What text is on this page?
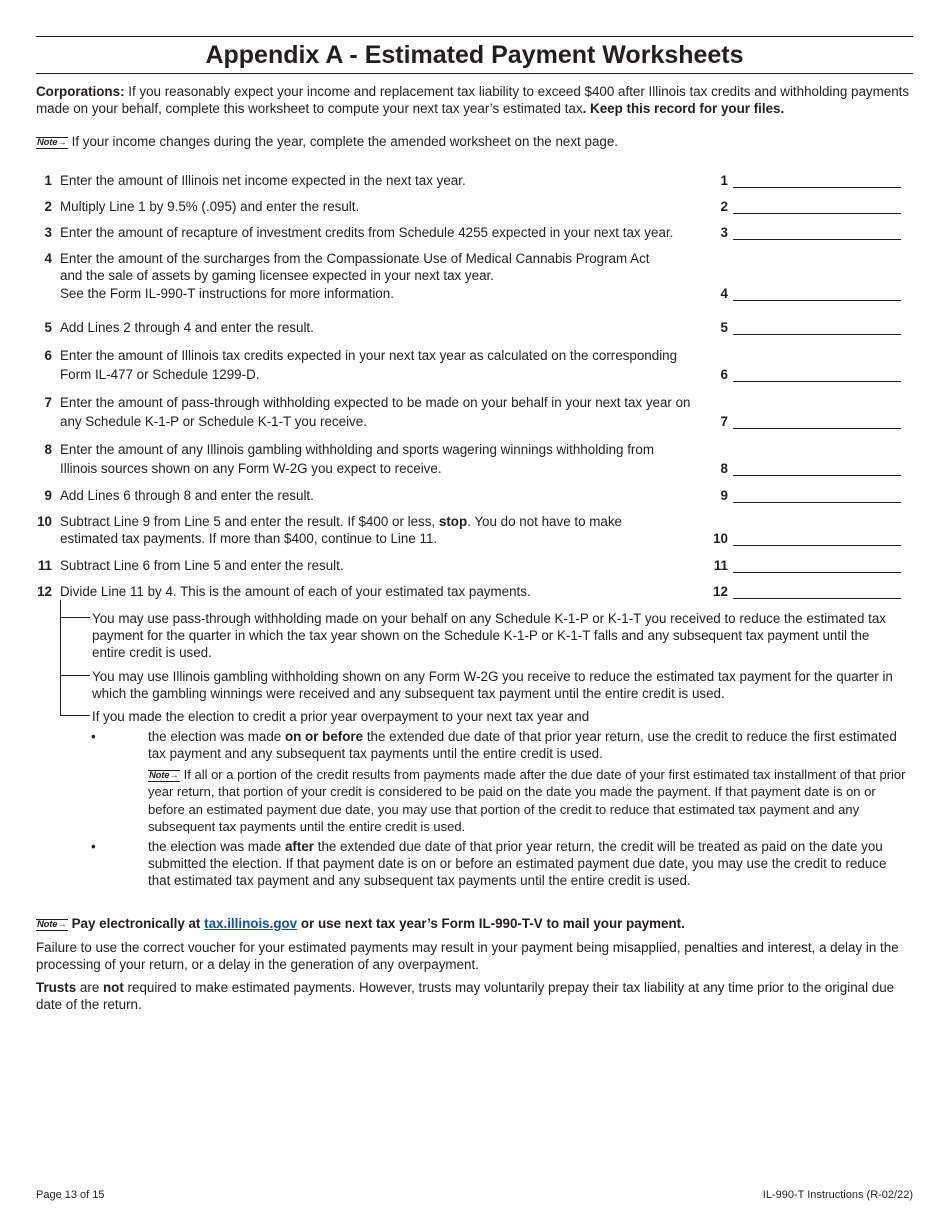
Appendix A - Estimated Payment Worksheets
Corporations: If you reasonably expect your income and replacement tax liability to exceed $400 after Illinois tax credits and withholding payments made on your behalf, complete this worksheet to compute your next tax year’s estimated tax. Keep this record for your files.
Note→ If your income changes during the year, complete the amended worksheet on the next page.
1 Enter the amount of Illinois net income expected in the next tax year.	1
2 Multiply Line 1 by 9.5% (.095) and enter the result.	2
3 Enter the amount of recapture of investment credits from Schedule 4255 expected in your next tax year.	3
4 Enter the amount of the surcharges from the Compassionate Use of Medical Cannabis Program Act
and the sale of assets by gaming licensee expected in your next tax year.
See the Form IL-990-T instructions for more information.	4
5 Add Lines 2 through 4 and enter the result.	5
6 Enter the amount of Illinois tax credits expected in your next tax year as calculated on the corresponding
Form IL-477 or Schedule 1299-D.	6
7 Enter the amount of pass-through withholding expected to be made on your behalf in your next tax year on
any Schedule K-1-P or Schedule K-1-T you receive.	7
8 Enter the amount of any Illinois gambling withholding and sports wagering winnings withholding from
Illinois sources shown on any Form W-2G you expect to receive.	8
9 Add Lines 6 through 8 and enter the result.	9
10 Subtract Line 9 from Line 5 and enter the result. If $400 or less, stop. You do not have to make
estimated tax payments. If more than $400, continue to Line 11.	10
11 Subtract Line 6 from Line 5 and enter the result.	11
12 Divide Line 11 by 4. This is the amount of each of your estimated tax payments.	12
You may use pass-through withholding made on your behalf on any Schedule K-1-P or K-1-T you received to reduce the estimated tax payment for the quarter in which the tax year shown on the Schedule K-1-P or K-1-T falls and any subsequent tax payment until the entire credit is used.
You may use Illinois gambling withholding shown on any Form W-2G you receive to reduce the estimated tax payment for the quarter in which the gambling winnings were received and any subsequent tax payment until the entire credit is used.
If you made the election to credit a prior year overpayment to your next tax year and
•	the election was made on or before the extended due date of that prior year return, use the credit to reduce the first estimated tax payment and any subsequent tax payments until the entire credit is used.
Note→ If all or a portion of the credit results from payments made after the due date of your first estimated tax installment of that prior year return, that portion of your credit is considered to be paid on the date you made the payment. If that payment date is on or before an estimated payment due date, you may use that portion of the credit to reduce that estimated tax payment and any subsequent tax payments until the entire credit is used.
•	the election was made after the extended due date of that prior year return, the credit will be treated as paid on the date you submitted the election. If that payment date is on or before an estimated payment due date, you may use the credit to reduce that estimated tax payment and any subsequent tax payments until the entire credit is used.
Note→ Pay electronically at tax.illinois.gov or use next tax year’s Form IL-990-T-V to mail your payment.
Failure to use the correct voucher for your estimated payments may result in your payment being misapplied, penalties and interest, a delay in the processing of your return, or a delay in the generation of any overpayment.
Trusts are not required to make estimated payments. However, trusts may voluntarily prepay their tax liability at any time prior to the original due date of the return.
Page 13 of 15	IL-990-T Instructions (R-02/22)
